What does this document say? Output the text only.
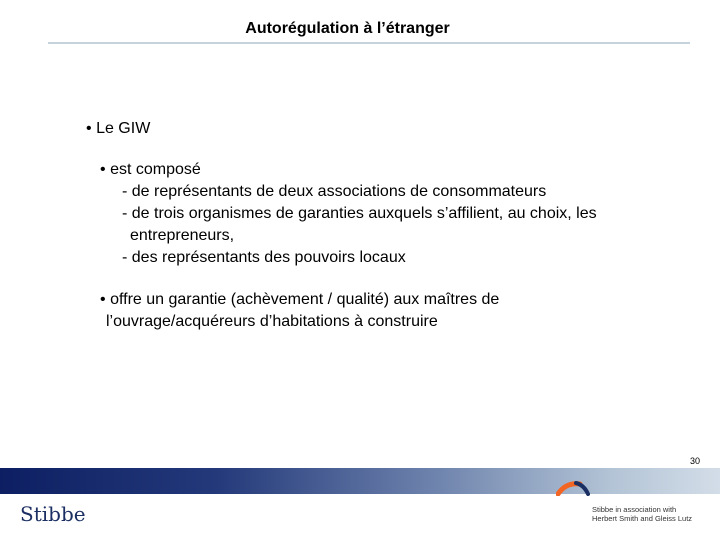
Autorégulation à l’étranger
• Le GIW
• est composé
- de représentants de deux associations de consommateurs
- de trois organismes de garanties auxquels s’affilient, au choix, les
entrepreneurs,
- des représentants des pouvoirs locaux
• offre un garantie (achèvement / qualité) aux maîtres de
l’ouvrage/acquéreurs d’habitations à construire
30
Stibbe	Stibbe in association with
Herbert Smith and Gleiss Lutz
